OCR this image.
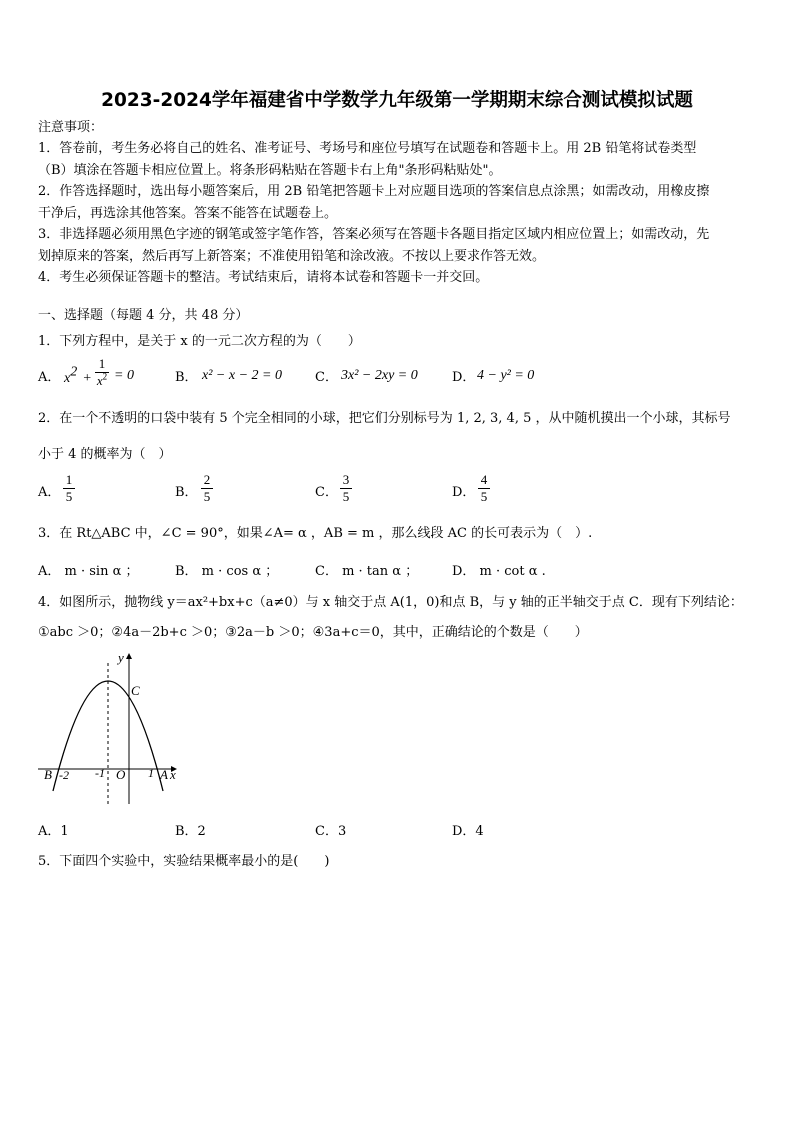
2023-2024学年福建省中学数学九年级第一学期期末综合测试模拟试题
注意事项：
1．答卷前，考生务必将自己的姓名、准考证号、考场号和座位号填写在试题卷和答题卡上。用 2B 铅笔将试卷类型
（B）填涂在答题卡相应位置上。将条形码粘贴在答题卡右上角"条形码粘贴处"。
2．作答选择题时，选出每小题答案后，用 2B 铅笔把答题卡上对应题目选项的答案信息点涂黑；如需改动，用橡皮擦
干净后，再选涂其他答案。答案不能答在试题卷上。
3．非选择题必须用黑色字迹的钢笔或签字笔作答，答案必须写在答题卡各题目指定区域内相应位置上；如需改动，先
划掉原来的答案，然后再写上新答案；不准使用铅笔和涂改液。不按以上要求作答无效。
4．考生必须保证答题卡的整洁。考试结束后，请将本试卷和答题卡一并交回。
一、选择题（每题 4 分，共 48 分）
1．下列方程中，是关于 x 的一元二次方程的为（　　）
A． $x^2$ +
1
$x^2 = 0$	B． x² − x − 2 = 0	C． 3x² − 2xy = 0	D． 4 − y² = 0
2．在一个不透明的口袋中装有 5 个完全相同的小球，把它们分别标号为 1, 2, 3, 4, 5 ，从中随机摸出一个小球，其标号
小于 4 的概率为（　）
A．
1
5	B．
2
5	C．
3
5	D．
4
5
3．在 Rt△ABC 中，∠C = 90°，如果∠A= α ，AB = m ，那么线段 AC 的长可表示为（　）.
A． m · sin α ；	B． m · cos α ；	C． m · tan α ；	D． m · cot α .
4．如图所示，抛物线 y＝ax²+bx+c（a≠0）与 x 轴交于点 A(1，0)和点 B，与 y 轴的正半轴交于点 C．现有下列结论：
①abc ＞0；②4a－2b+c ＞0；③2a－b ＞0；④3a+c＝0，其中，正确结论的个数是（　　）
y
x
C
B -2 -1 O 1 A
A．1	B．2	C．3	D．4
5．下面四个实验中，实验结果概率最小的是(　　)
